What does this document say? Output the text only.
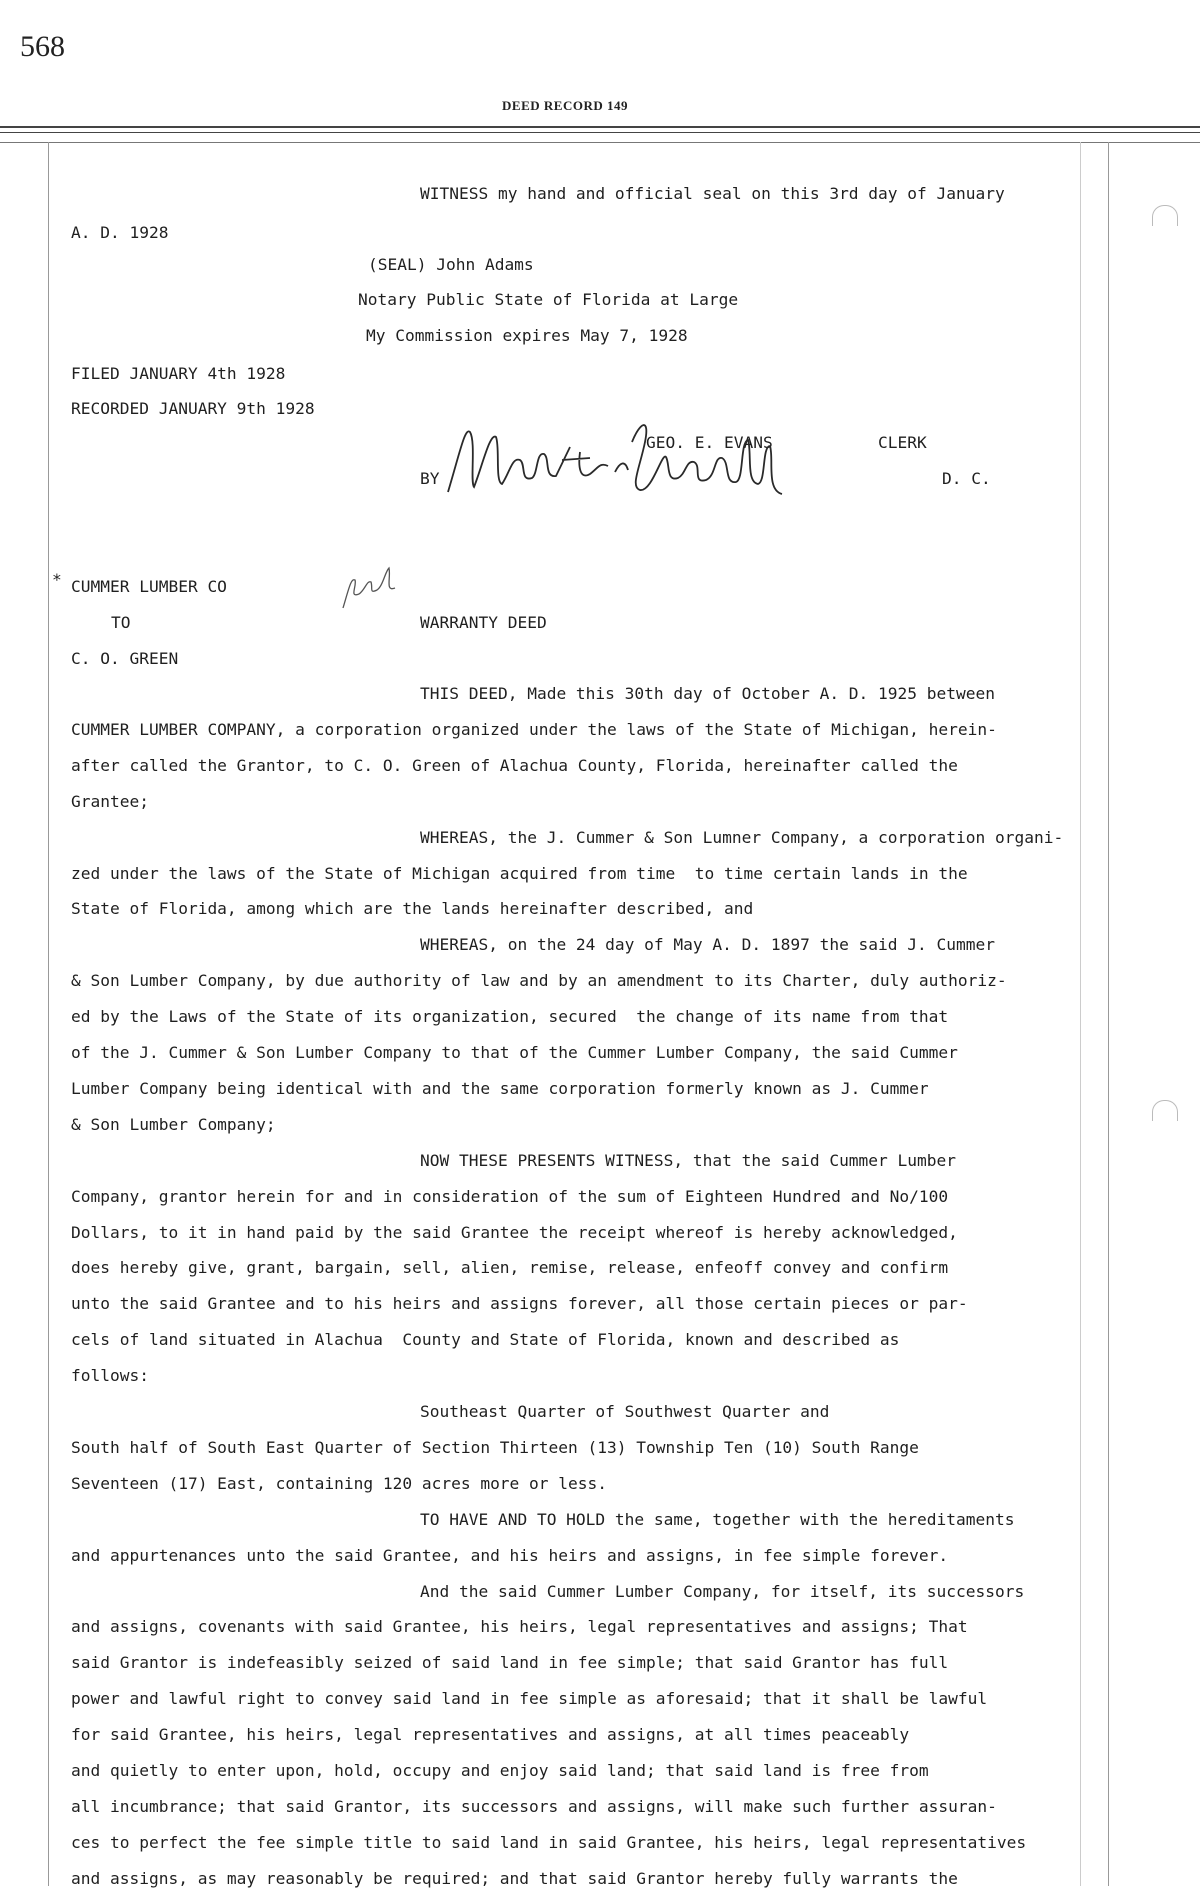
568
DEED RECORD 149
WITNESS my hand and official seal on this 3rd day of January
A. D. 1928
(SEAL) John Adams
Notary Public State of Florida at Large
My Commission expires May 7, 1928
FILED JANUARY 4th 1928
RECORDED JANUARY 9th 1928
GEO. E. EVANS	CLERK
BY	D. C.
* CUMMER LUMBER CO
TO	WARRANTY DEED
C. O. GREEN
THIS DEED, Made this 30th day of October A. D. 1925 between
CUMMER LUMBER COMPANY, a corporation organized under the laws of the State of Michigan, herein-
after called the Grantor, to C. O. Green of Alachua County, Florida, hereinafter called the
Grantee;
WHEREAS, the J. Cummer & Son Lumner Company, a corporation organi-
zed under the laws of the State of Michigan acquired from time  to time certain lands in the
State of Florida, among which are the lands hereinafter described, and
WHEREAS, on the 24 day of May A. D. 1897 the said J. Cummer
& Son Lumber Company, by due authority of law and by an amendment to its Charter, duly authoriz-
ed by the Laws of the State of its organization, secured  the change of its name from that
of the J. Cummer & Son Lumber Company to that of the Cummer Lumber Company, the said Cummer
Lumber Company being identical with and the same corporation formerly known as J. Cummer
& Son Lumber Company;
NOW THESE PRESENTS WITNESS, that the said Cummer Lumber
Company, grantor herein for and in consideration of the sum of Eighteen Hundred and No/100
Dollars, to it in hand paid by the said Grantee the receipt whereof is hereby acknowledged,
does hereby give, grant, bargain, sell, alien, remise, release, enfeoff convey and confirm
unto the said Grantee and to his heirs and assigns forever, all those certain pieces or par-
cels of land situated in Alachua  County and State of Florida, known and described as
follows:
Southeast Quarter of Southwest Quarter and
South half of South East Quarter of Section Thirteen (13) Township Ten (10) South Range
Seventeen (17) East, containing 120 acres more or less.
TO HAVE AND TO HOLD the same, together with the hereditaments
and appurtenances unto the said Grantee, and his heirs and assigns, in fee simple forever.
And the said Cummer Lumber Company, for itself, its successors
and assigns, covenants with said Grantee, his heirs, legal representatives and assigns; That
said Grantor is indefeasibly seized of said land in fee simple; that said Grantor has full
power and lawful right to convey said land in fee simple as aforesaid; that it shall be lawful
for said Grantee, his heirs, legal representatives and assigns, at all times peaceably
and quietly to enter upon, hold, occupy and enjoy said land; that said land is free from
all incumbrance; that said Grantor, its successors and assigns, will make such further assuran-
ces to perfect the fee simple title to said land in said Grantee, his heirs, legal representatives
and assigns, as may reasonably be required; and that said Grantor hereby fully warrants the
